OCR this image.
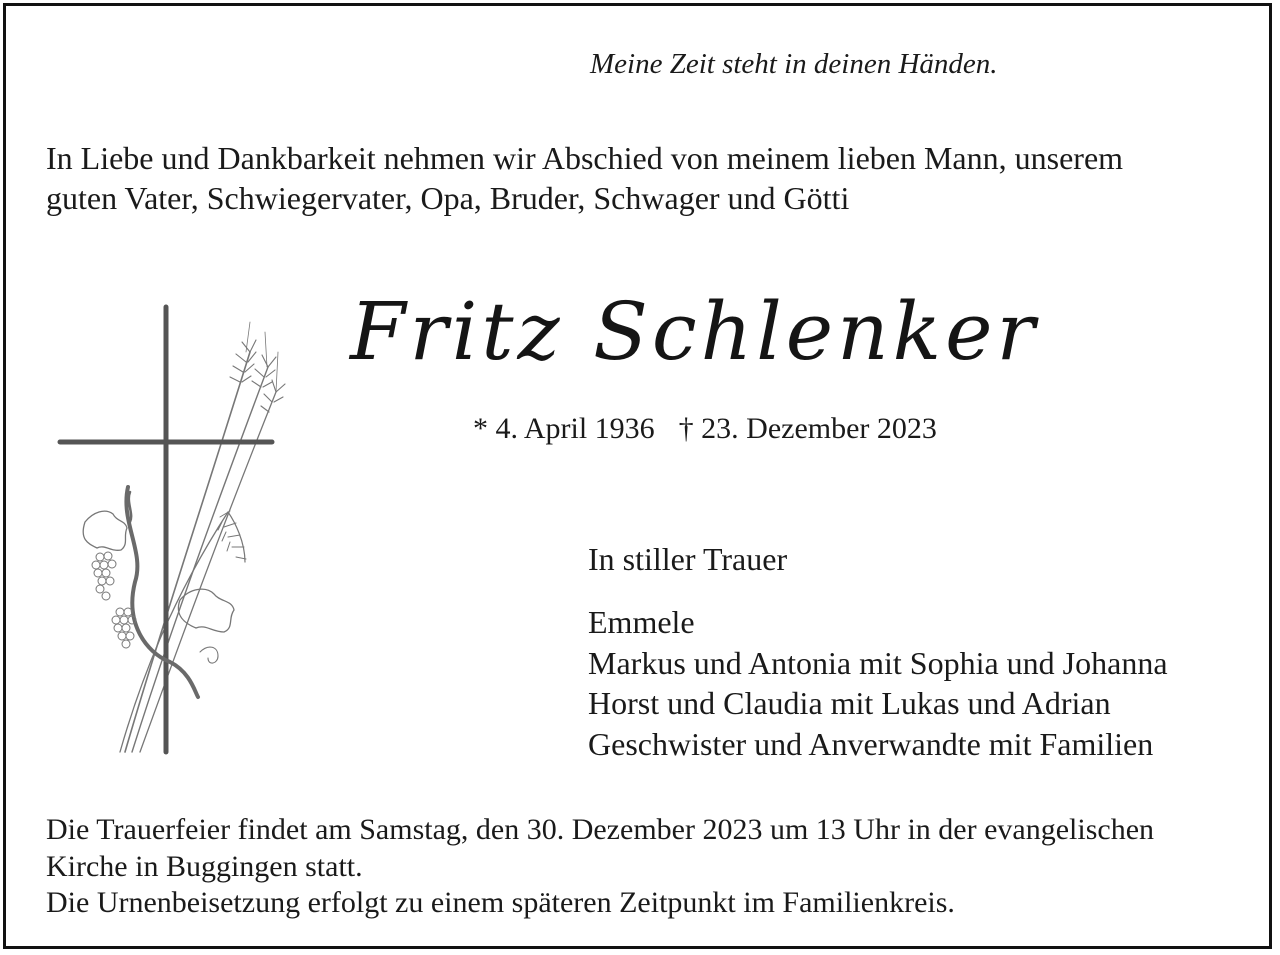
Meine Zeit steht in deinen Händen.
In Liebe und Dankbarkeit nehmen wir Abschied von meinem lieben Mann, unserem
guten Vater, Schwiegervater, Opa, Bruder, Schwager und Götti
Fritz Schlenker
* 4. April 1936 † 23. Dezember 2023
In stiller Trauer
Emmele
Markus und Antonia mit Sophia und Johanna
Horst und Claudia mit Lukas und Adrian
Geschwister und Anverwandte mit Familien
Die Trauerfeier findet am Samstag, den 30. Dezember 2023 um 13 Uhr in der evangelischen
Kirche in Buggingen statt.
Die Urnenbeisetzung erfolgt zu einem späteren Zeitpunkt im Familienkreis.
